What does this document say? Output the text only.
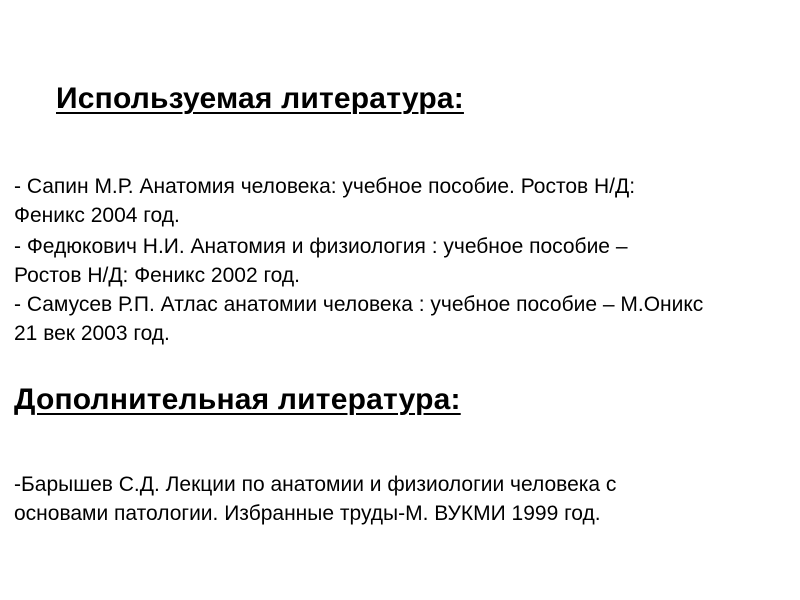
Используемая литература:
- Сапин М.Р. Анатомия человека: учебное пособие. Ростов Н/Д:
Феникс 2004 год.
- Федюкович Н.И. Анатомия и физиология : учебное пособие –
Ростов Н/Д: Феникс 2002 год.
- Самусев Р.П. Атлас анатомии человека : учебное пособие – М.Оникс
21 век 2003 год.
Дополнительная литература:
-Барышев С.Д. Лекции по анатомии и физиологии человека с
основами патологии. Избранные труды-М. ВУКМИ 1999 год.
